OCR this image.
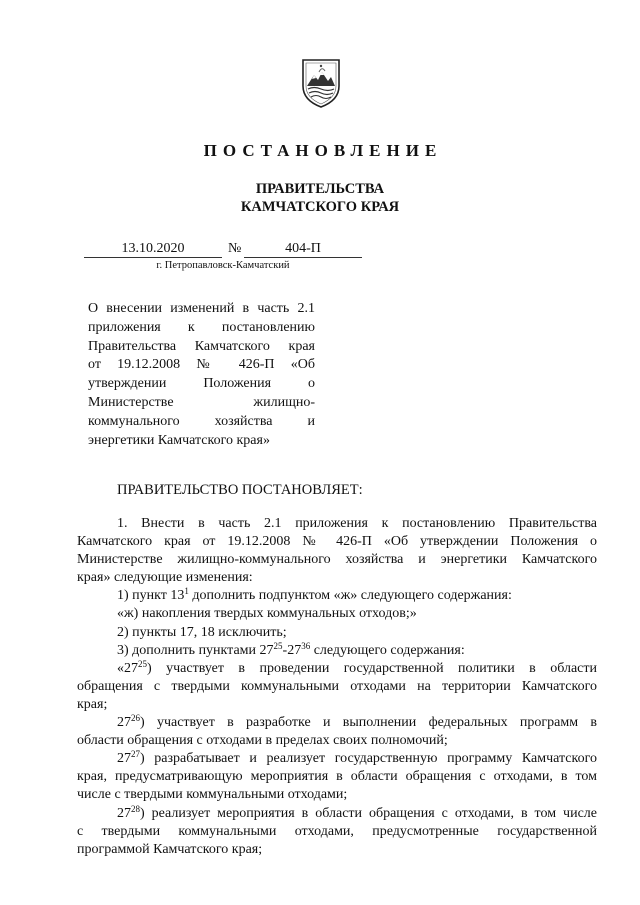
ПОСТАНОВЛЕНИЕ
ПРАВИТЕЛЬСТВА
КАМЧАТСКОГО КРАЯ
13.10.2020	№	404-П
г. Петропавловск-Камчатский
О внесении изменений в часть 2.1
приложения к постановлению
Правительства Камчатского края
от 19.12.2008 № 426-П «Об
утверждении Положения о
Министерстве жилищно-
коммунального хозяйства и
энергетики Камчатского края»
ПРАВИТЕЛЬСТВО ПОСТАНОВЛЯЕТ:
1. Внести в часть 2.1 приложения к постановлению Правительства
Камчатского края от 19.12.2008 № 426-П «Об утверждении Положения о
Министерстве жилищно-коммунального хозяйства и энергетики Камчатского
края» следующие изменения:
1) пункт $13^1$ дополнить подпунктом «ж» следующего содержания:
«ж) накопления твердых коммунальных отходов;»
2) пункты 17, 18 исключить;
3) дополнить пунктами $27^{25}-27^{36}$ следующего содержания:
«$27^{25}$) участвует в проведении государственной политики в области
обращения с твердыми коммунальными отходами на территории Камчатского
края;
$27^{26}$) участвует в разработке и выполнении федеральных программ в
области обращения с отходами в пределах своих полномочий;
$27^{27}$) разрабатывает и реализует государственную программу Камчатского
края, предусматривающую мероприятия в области обращения с отходами, в том
числе с твердыми коммунальными отходами;
$27^{28}$) реализует мероприятия в области обращения с отходами, в том числе
с твердыми коммунальными отходами, предусмотренные государственной
программой Камчатского края;
